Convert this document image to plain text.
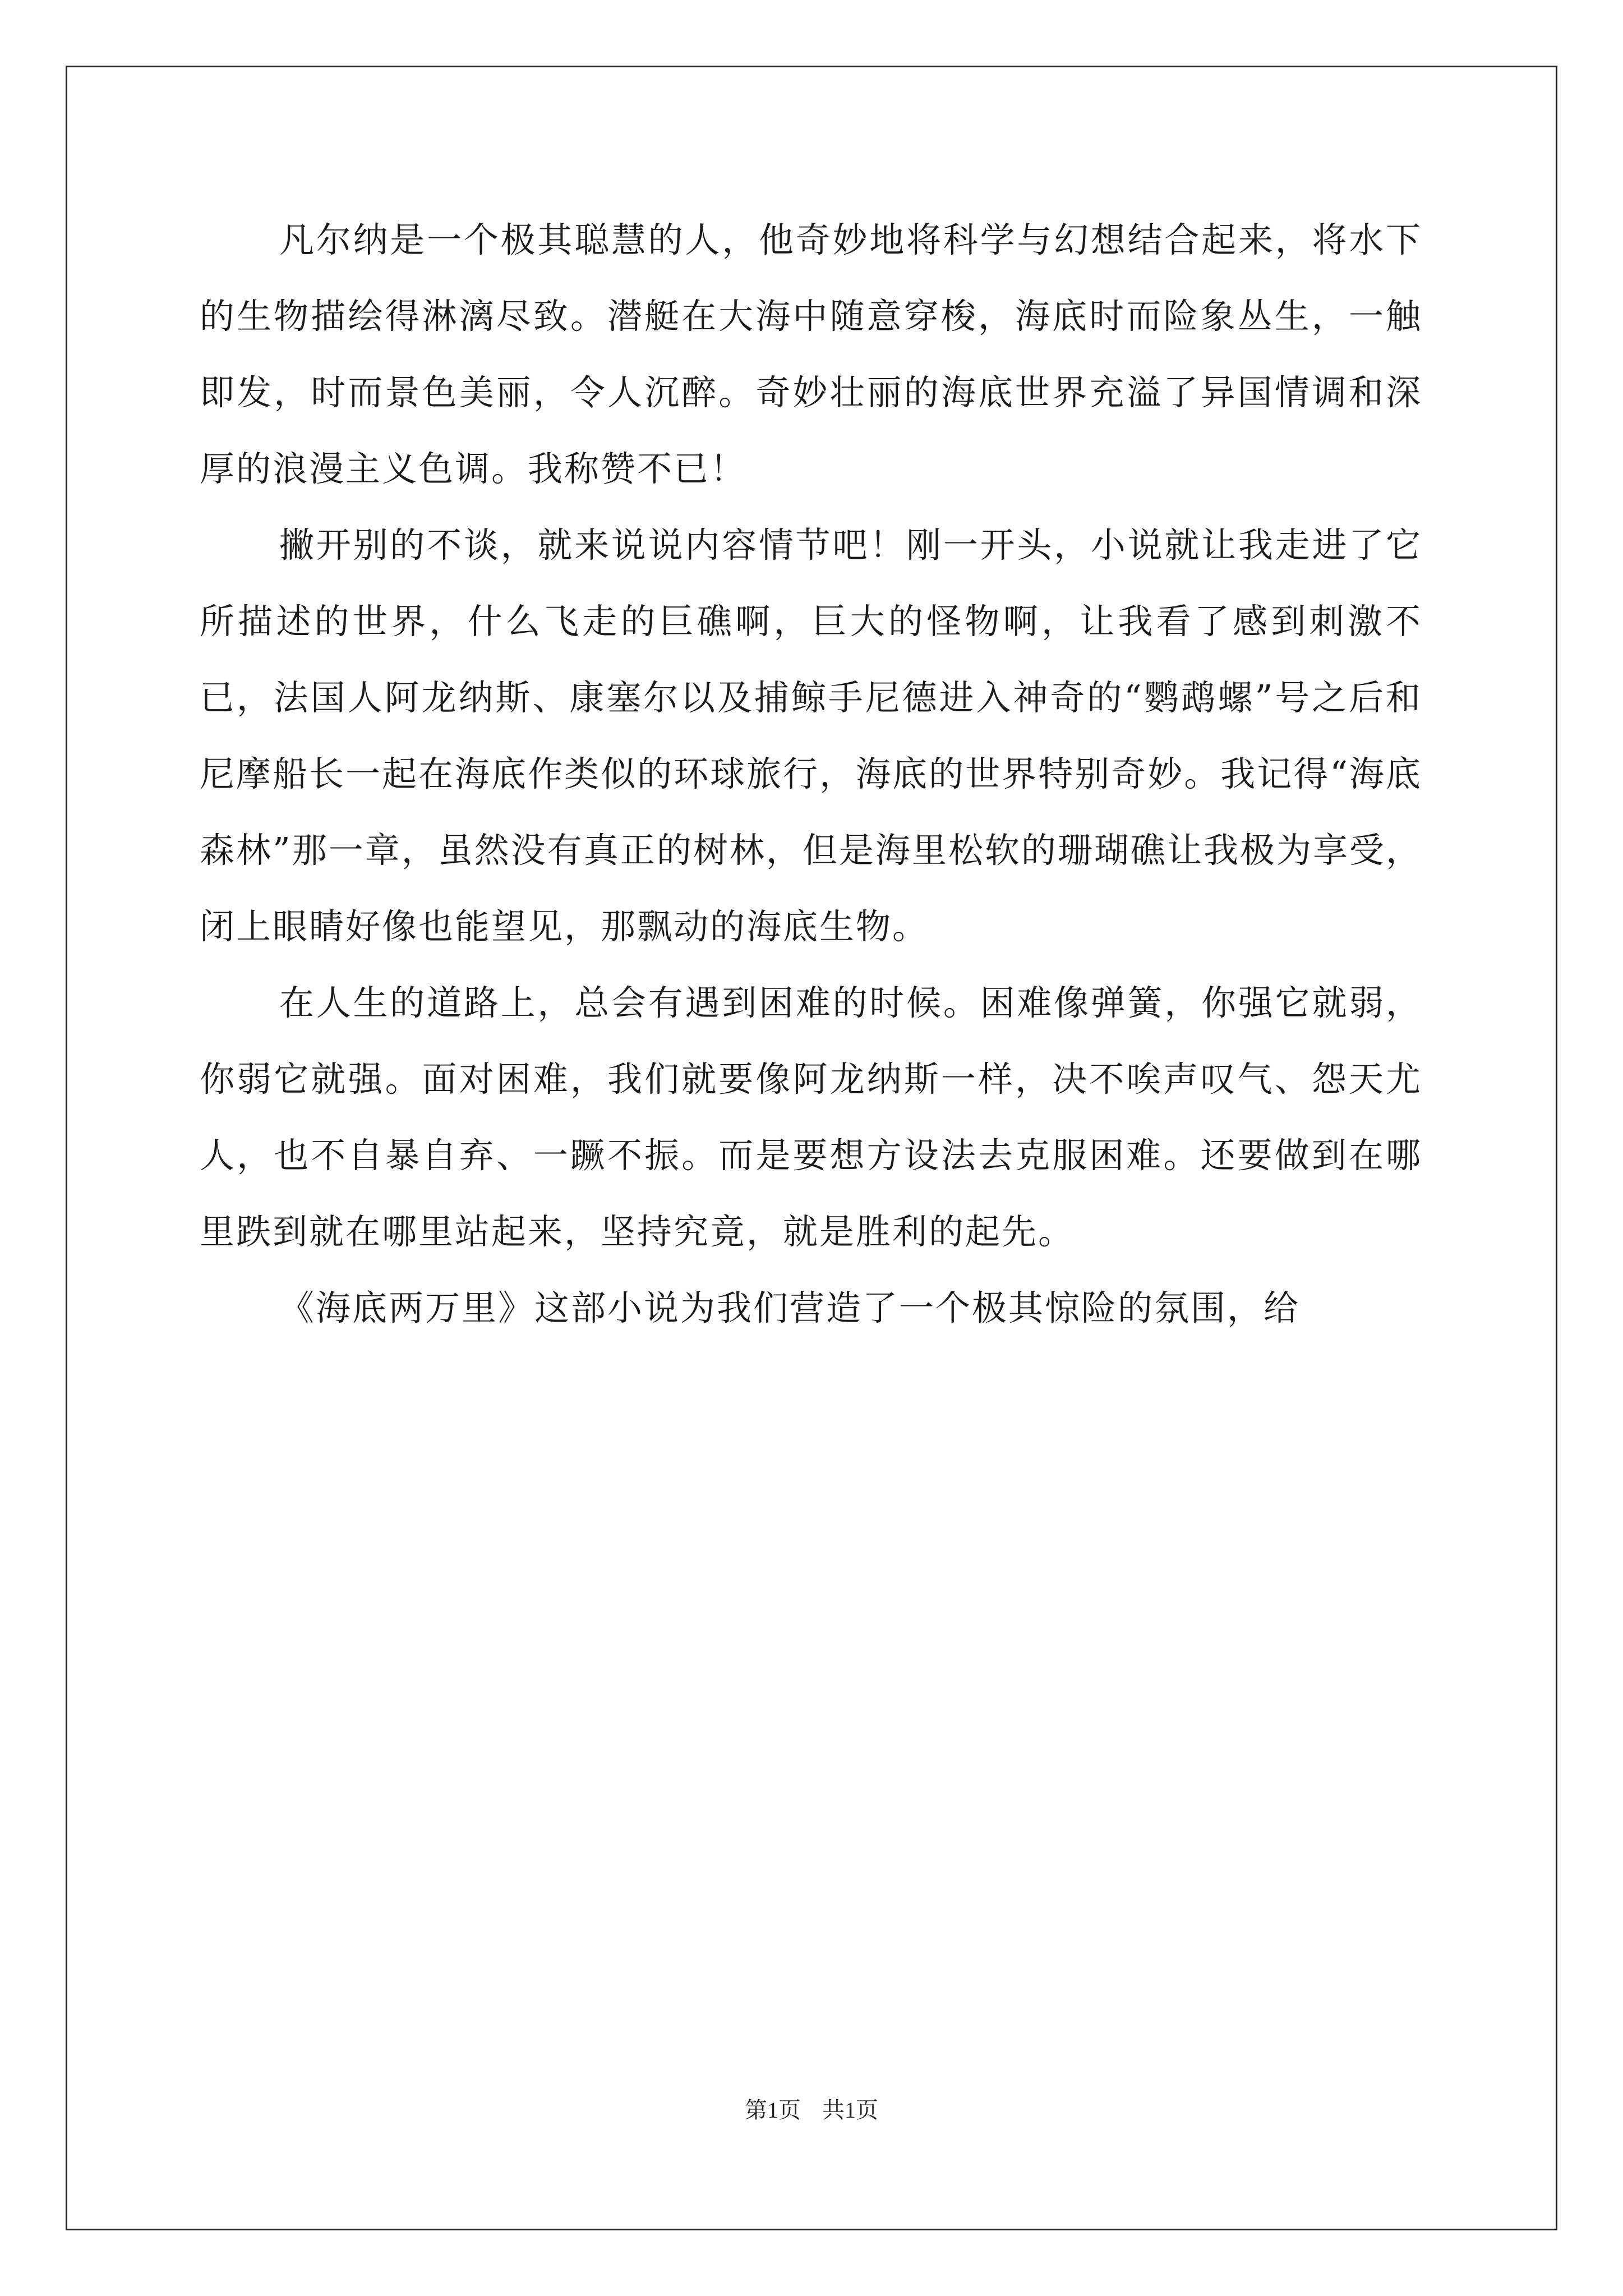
凡尔纳是一个极其聪慧的人，他奇妙地将科学与幻想结合起来，将水下的生物描绘得淋漓尽致。潜艇在大海中随意穿梭，海底时而险象丛生，一触即发，时而景色美丽，令人沉醉。奇妙壮丽的海底世界充溢了异国情调和深厚的浪漫主义色调。我称赞不已！

撇开别的不谈，就来说说内容情节吧！刚一开头，小说就让我走进了它所描述的世界，什么飞走的巨礁啊，巨大的怪物啊，让我看了感到刺激不已，法国人阿龙纳斯、康塞尔以及捕鲸手尼德进入神奇的“鹦鹉螺”号之后和尼摩船长一起在海底作类似的环球旅行，海底的世界特别奇妙。我记得“海底森林”那一章，虽然没有真正的树林，但是海里松软的珊瑚礁让我极为享受，闭上眼睛好像也能望见，那飘动的海底生物。

在人生的道路上，总会有遇到困难的时候。困难像弹簧，你强它就弱，你弱它就强。面对困难，我们就要像阿龙纳斯一样，决不唉声叹气、怨天尤人，也不自暴自弃、一蹶不振。而是要想方设法去克服困难。还要做到在哪里跌到就在哪里站起来，坚持究竟，就是胜利的起先。

《海底两万里》这部小说为我们营造了一个极其惊险的氛围，给

第1页 共1页
